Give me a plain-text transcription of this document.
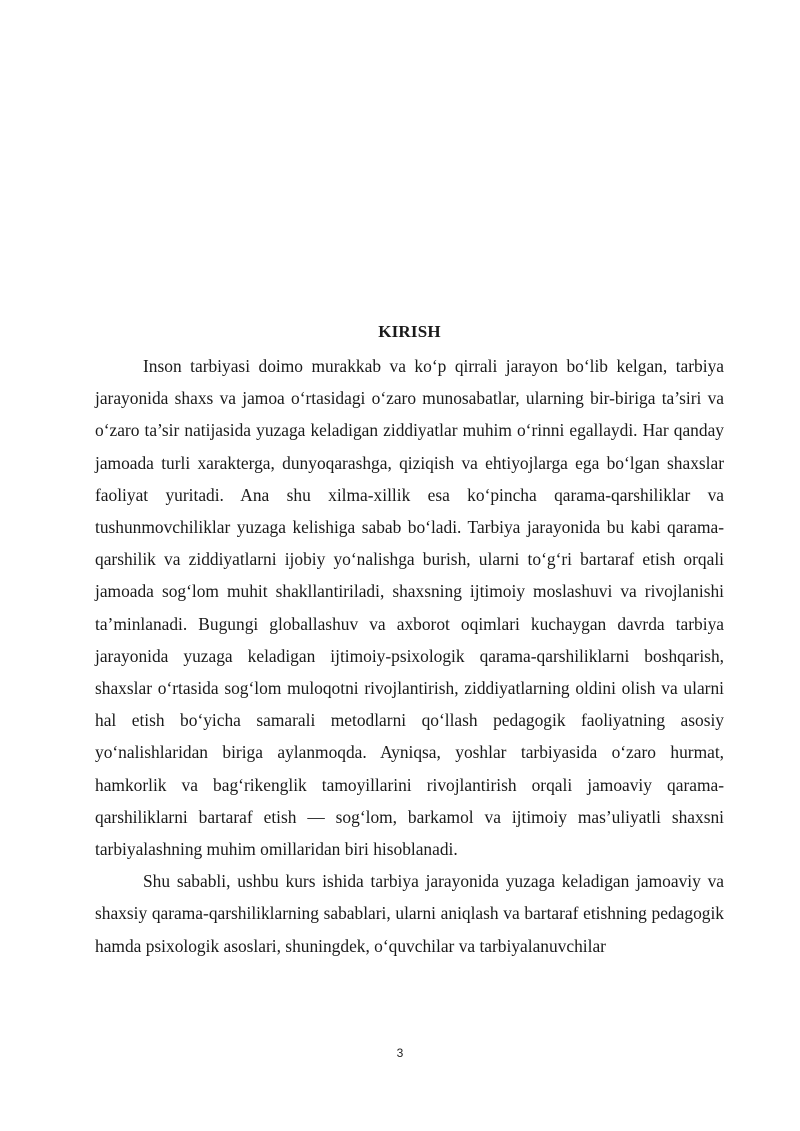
KIRISH

Inson tarbiyasi doimo murakkab va ko‘p qirrali jarayon bo‘lib kelgan, tarbiya jarayonida shaxs va jamoa o‘rtasidagi o‘zaro munosabatlar, ularning bir-biriga ta’siri va o‘zaro ta’sir natijasida yuzaga keladigan ziddiyatlar muhim o‘rinni egallaydi. Har qanday jamoada turli xarakterga, dunyoqarashga, qiziqish va ehtiyojlarga ega bo‘lgan shaxslar faoliyat yuritadi. Ana shu xilma-xillik esa ko‘pincha qarama-qarshiliklar va tushunmovchiliklar yuzaga kelishiga sabab bo‘ladi. Tarbiya jarayonida bu kabi qarama-qarshilik va ziddiyatlarni ijobiy yo‘nalishga burish, ularni to‘g‘ri bartaraf etish orqali jamoada sog‘lom muhit shakllantiriladi, shaxsning ijtimoiy moslashuvi va rivojlanishi ta’minlanadi. Bugungi globallashuv va axborot oqimlari kuchaygan davrda tarbiya jarayonida yuzaga keladigan ijtimoiy-psixologik qarama-qarshiliklarni boshqarish, shaxslar o‘rtasida sog‘lom muloqotni rivojlantirish, ziddiyatlarning oldini olish va ularni hal etish bo‘yicha samarali metodlarni qo‘llash pedagogik faoliyatning asosiy yo‘nalishlaridan biriga aylanmoqda. Ayniqsa, yoshlar tarbiyasida o‘zaro hurmat, hamkorlik va bag‘rikenglik tamoyillarini rivojlantirish orqali jamoaviy qarama-qarshiliklarni bartaraf etish — sog‘lom, barkamol va ijtimoiy mas’uliyatli shaxsni tarbiyalashning muhim omillaridan biri hisoblanadi.

Shu sababli, ushbu kurs ishida tarbiya jarayonida yuzaga keladigan jamoaviy va shaxsiy qarama-qarshiliklarning sabablari, ularni aniqlash va bartaraf etishning pedagogik hamda psixologik asoslari, shuningdek, o‘quvchilar va tarbiyalanuvchilar

3
